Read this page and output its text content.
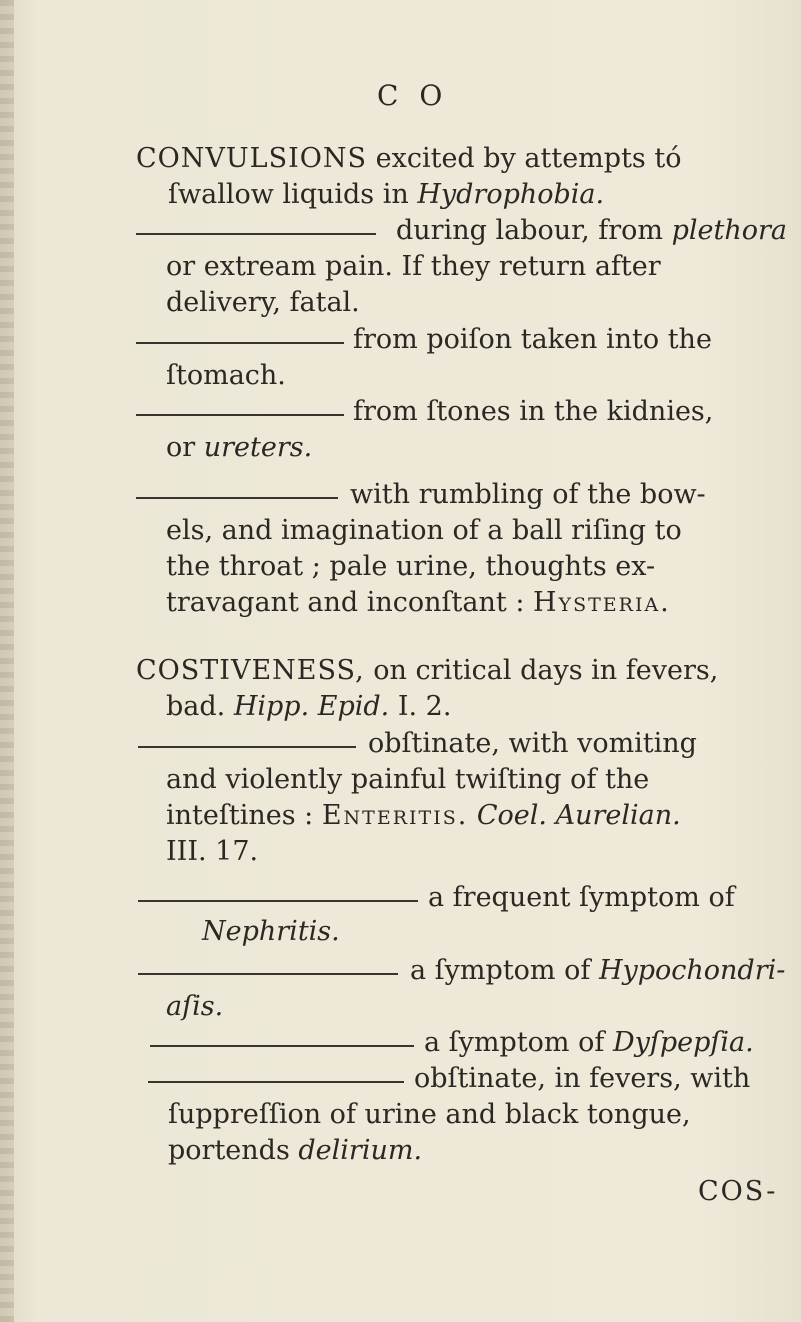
C O
CONVULSIONS excited by attempts tó
ſwallow liquids in Hydrophobia.
during labour, from plethora
or extream pain. If they return after
delivery, fatal.
from poiſon taken into the
ſtomach.
from ſtones in the kidnies,
or ureters.
with rumbling of the bow-
els, and imagination of a ball riſing to
the throat ; pale urine, thoughts ex-
travagant and inconſtant : Hysteria.
COSTIVENESS, on critical days in fevers,
bad. Hipp. Epid. I. 2.
obſtinate, with vomiting
and violently painful twiſting of the
inteſtines : Enteritis. Coel. Aurelian.
III. 17.
a frequent ſymptom of
Nephritis.
a ſymptom of Hypochondri-
aſis.
a ſymptom of Dyſpepſia.
obſtinate, in fevers, with
ſuppreſſion of urine and black tongue,
portends delirium.
COS-
